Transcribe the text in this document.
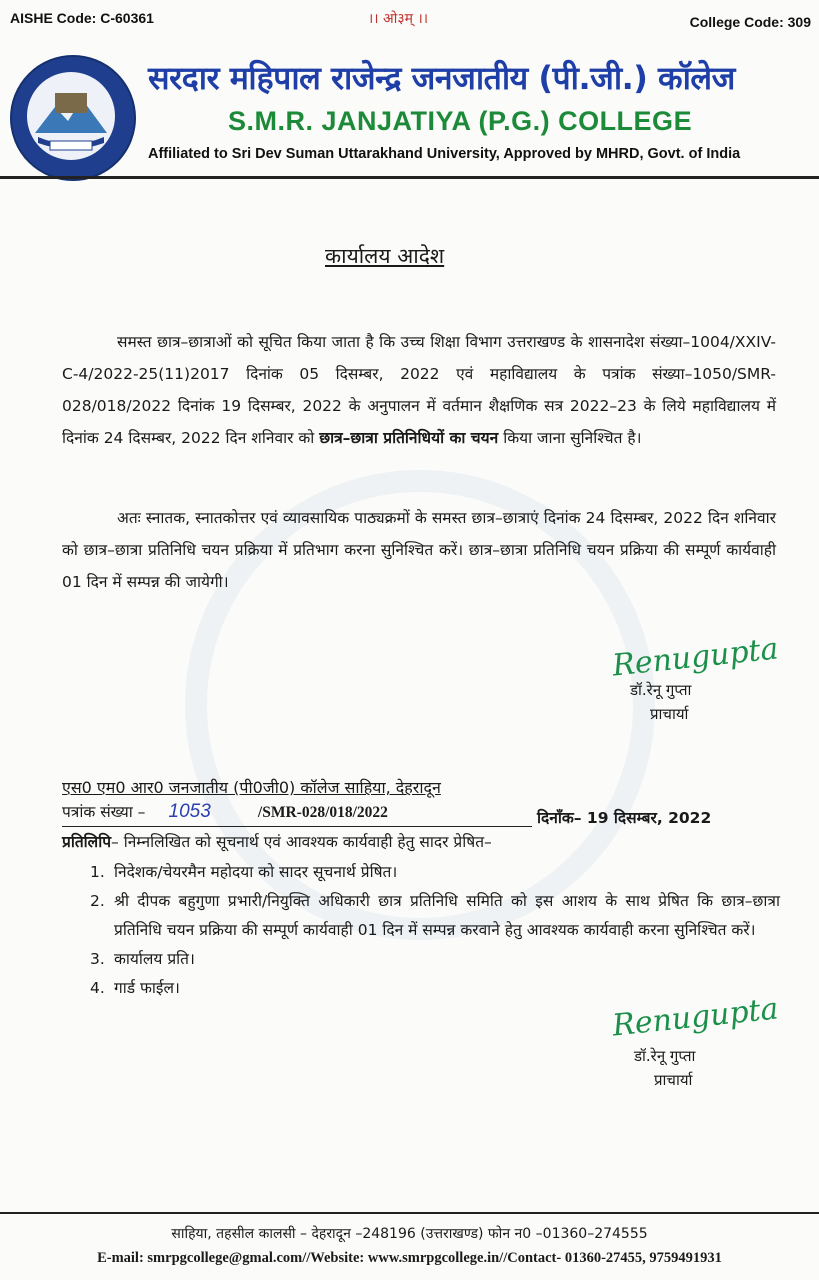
AISHE Code: C-60361	।। ओ३म् ।।	College Code: 309
सरदार महिपाल राजेन्द्र जनजातीय (पी.जी.) कॉलेज
S.M.R. JANJATIYA (P.G.) COLLEGE
Affiliated to Sri Dev Suman Uttarakhand University, Approved by MHRD, Govt. of India
कार्यालय आदेश
समस्त छात्र–छात्राओं को सूचित किया जाता है कि उच्च शिक्षा विभाग उत्तराखण्ड के शासनादेश संख्या–1004/XXIV-C-4/2022-25(11)2017 दिनांक 05 दिसम्बर, 2022 एवं महाविद्यालय के पत्रांक संख्या–1050/SMR-028/018/2022 दिनांक 19 दिसम्बर, 2022 के अनुपालन में वर्तमान शैक्षणिक सत्र 2022–23 के लिये महाविद्यालय में दिनांक 24 दिसम्बर, 2022 दिन शनिवार को छात्र–छात्रा प्रतिनिधियों का चयन किया जाना सुनिश्चित है।
अतः स्नातक, स्नातकोत्तर एवं व्यावसायिक पाठ्यक्रमों के समस्त छात्र–छात्राएं दिनांक 24 दिसम्बर, 2022 दिन शनिवार को छात्र–छात्रा प्रतिनिधि चयन प्रक्रिया में प्रतिभाग करना सुनिश्चित करें। छात्र–छात्रा प्रतिनिधि चयन प्रक्रिया की सम्पूर्ण कार्यवाही 01 दिन में सम्पन्न की जायेगी।
Renugupta
डॉ.रेनू गुप्ता
प्राचार्या
एस0 एम0 आर0 जनजातीय (पी0जी0) कॉलेज साहिया, देहरादून
पत्रांक संख्या – 1053	/SMR-028/018/2022	दिनाँक– 19 दिसम्बर, 2022
प्रतिलिपि– निम्नलिखित को सूचनार्थ एवं आवश्यक कार्यवाही हेतु सादर प्रेषित–
1. निदेशक/चेयरमैन महोदया को सादर सूचनार्थ प्रेषित।
2. श्री दीपक बहुगुणा प्रभारी/नियुक्ति अधिकारी छात्र प्रतिनिधि समिति को इस आशय के साथ प्रेषित कि छात्र–छात्रा प्रतिनिधि चयन प्रक्रिया की सम्पूर्ण कार्यवाही 01 दिन में सम्पन्न करवाने हेतु आवश्यक कार्यवाही करना सुनिश्चित करें।
3. कार्यालय प्रति।
4. गार्ड फाईल।
Renugupta
डॉ.रेनू गुप्ता
प्राचार्या
साहिया, तहसील कालसी – देहरादून –248196 (उत्तराखण्ड) फोन न0 –01360–274555
E-mail: smrpgcollege@gmal.com//Website: www.smrpgcollege.in//Contact- 01360-27455, 9759491931
